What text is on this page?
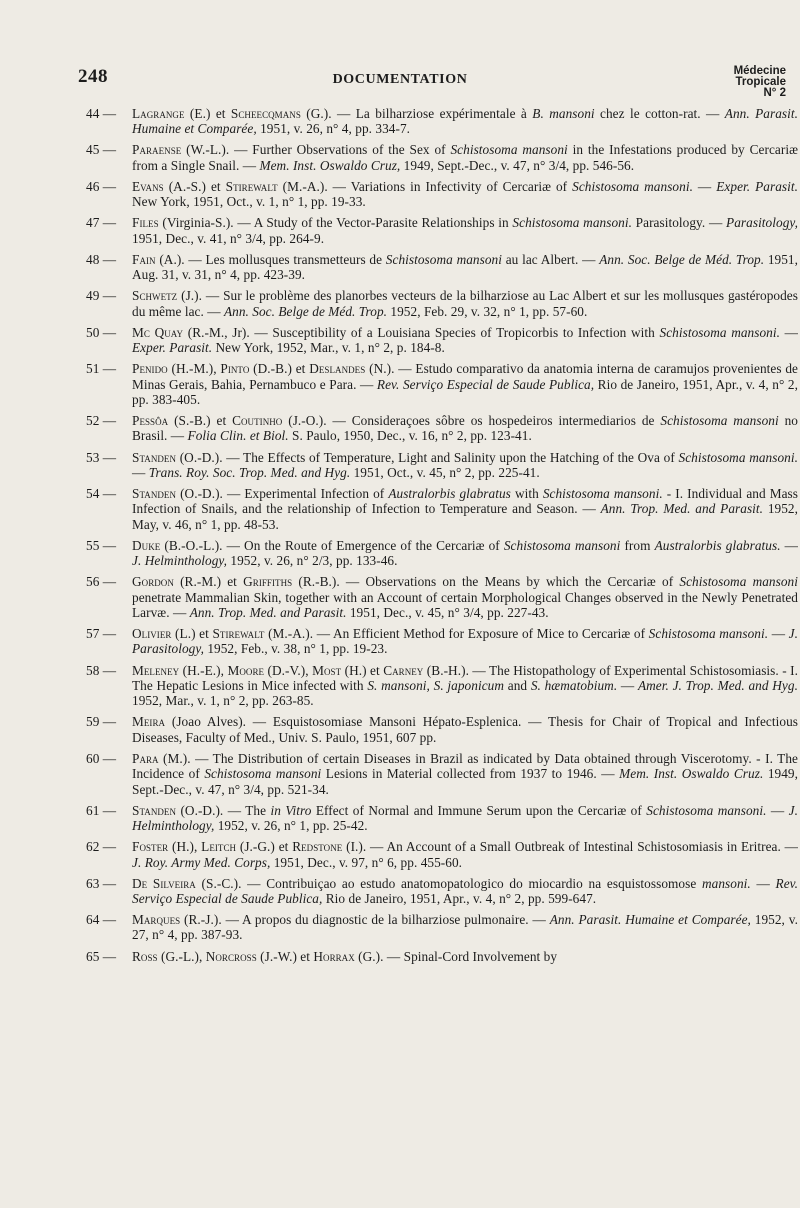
248	DOCUMENTATION
Médecine
Tropicale
N° 2
44 —	Lagrange (E.) et Scheecqmans (G.). — La bilharziose expérimentale à B. mansoni chez le cotton-rat. — Ann. Parasit. Humaine et Comparée, 1951, v. 26, n° 4, pp. 334-7.
45 —	Paraense (W.-L.). — Further Observations of the Sex of Schistosoma mansoni in the Infestations produced by Cercariæ from a Single Snail. — Mem. Inst. Oswaldo Cruz, 1949, Sept.-Dec., v. 47, n° 3/4, pp. 546-56.
46 —	Evans (A.-S.) et Stirewalt (M.-A.). — Variations in Infectivity of Cercariæ of Schistosoma mansoni. — Exper. Parasit. New York, 1951, Oct., v. 1, n° 1, pp. 19-33.
47 —	Files (Virginia-S.). — A Study of the Vector-Parasite Relationships in Schistosoma mansoni. Parasitology. — Parasitology, 1951, Dec., v. 41, n° 3/4, pp. 264-9.
48 —	Fain (A.). — Les mollusques transmetteurs de Schistosoma mansoni au lac Albert. — Ann. Soc. Belge de Méd. Trop. 1951, Aug. 31, v. 31, n° 4, pp. 423-39.
49 —	Schwetz (J.). — Sur le problème des planorbes vecteurs de la bilharziose au Lac Albert et sur les mollusques gastéropodes du même lac. — Ann. Soc. Belge de Méd. Trop. 1952, Feb. 29, v. 32, n° 1, pp. 57-60.
50 —	Mc Quay (R.-M., Jr). — Susceptibility of a Louisiana Species of Tropicorbis to Infection with Schistosoma mansoni. — Exper. Parasit. New York, 1952, Mar., v. 1, n° 2, p. 184-8.
51 —	Penido (H.-M.), Pinto (D.-B.) et Deslandes (N.). — Estudo comparativo da anatomia interna de caramujos provenientes de Minas Gerais, Bahia, Pernambuco e Para. — Rev. Serviço Especial de Saude Publica, Rio de Janeiro, 1951, Apr., v. 4, n° 2, pp. 383-405.
52 —	Pessôa (S.-B.) et Coutinho (J.-O.). — Consideraçoes sôbre os hospedeiros intermediarios de Schistosoma mansoni no Brasil. — Folia Clin. et Biol. S. Paulo, 1950, Dec., v. 16, n° 2, pp. 123-41.
53 —	Standen (O.-D.). — The Effects of Temperature, Light and Salinity upon the Hatching of the Ova of Schistosoma mansoni. — Trans. Roy. Soc. Trop. Med. and Hyg. 1951, Oct., v. 45, n° 2, pp. 225-41.
54 —	Standen (O.-D.). — Experimental Infection of Australorbis glabratus with Schistosoma mansoni. - I. Individual and Mass Infection of Snails, and the relationship of Infection to Temperature and Season. — Ann. Trop. Med. and Parasit. 1952, May, v. 46, n° 1, pp. 48-53.
55 —	Duke (B.-O.-L.). — On the Route of Emergence of the Cercariæ of Schistosoma mansoni from Australorbis glabratus. — J. Helminthology, 1952, v. 26, n° 2/3, pp. 133-46.
56 —	Gordon (R.-M.) et Griffiths (R.-B.). — Observations on the Means by which the Cercariæ of Schistosoma mansoni penetrate Mammalian Skin, together with an Account of certain Morphological Changes observed in the Newly Penetrated Larvæ. — Ann. Trop. Med. and Parasit. 1951, Dec., v. 45, n° 3/4, pp. 227-43.
57 —	Olivier (L.) et Stirewalt (M.-A.). — An Efficient Method for Exposure of Mice to Cercariæ of Schistosoma mansoni. — J. Parasitology, 1952, Feb., v. 38, n° 1, pp. 19-23.
58 —	Meleney (H.-E.), Moore (D.-V.), Most (H.) et Carney (B.-H.). — The Histopathology of Experimental Schistosomiasis. - I. The Hepatic Lesions in Mice infected with S. mansoni, S. japonicum and S. hæmatobium. — Amer. J. Trop. Med. and Hyg. 1952, Mar., v. 1, n° 2, pp. 263-85.
59 —	Meira (Joao Alves). — Esquistosomiase Mansoni Hépato-Esplenica. — Thesis for Chair of Tropical and Infectious Diseases, Faculty of Med., Univ. S. Paulo, 1951, 607 pp.
60 —	Para (M.). — The Distribution of certain Diseases in Brazil as indicated by Data obtained through Viscerotomy. - I. The Incidence of Schistosoma mansoni Lesions in Material collected from 1937 to 1946. — Mem. Inst. Oswaldo Cruz. 1949, Sept.-Dec., v. 47, n° 3/4, pp. 521-34.
61 —	Standen (O.-D.). — The in Vitro Effect of Normal and Immune Serum upon the Cercariæ of Schistosoma mansoni. — J. Helminthology, 1952, v. 26, n° 1, pp. 25-42.
62 —	Foster (H.), Leitch (J.-G.) et Redstone (I.). — An Account of a Small Outbreak of Intestinal Schistosomiasis in Eritrea. — J. Roy. Army Med. Corps, 1951, Dec., v. 97, n° 6, pp. 455-60.
63 —	De Silveira (S.-C.). — Contribuiçao ao estudo anatomopatologico do miocardio na esquistossomose mansoni. — Rev. Serviço Especial de Saude Publica, Rio de Janeiro, 1951, Apr., v. 4, n° 2, pp. 599-647.
64 —	Marques (R.-J.). — A propos du diagnostic de la bilharziose pulmonaire. — Ann. Parasit. Humaine et Comparée, 1952, v. 27, n° 4, pp. 387-93.
65 —	Ross (G.-L.), Norcross (J.-W.) et Horrax (G.). — Spinal-Cord Involvement by
